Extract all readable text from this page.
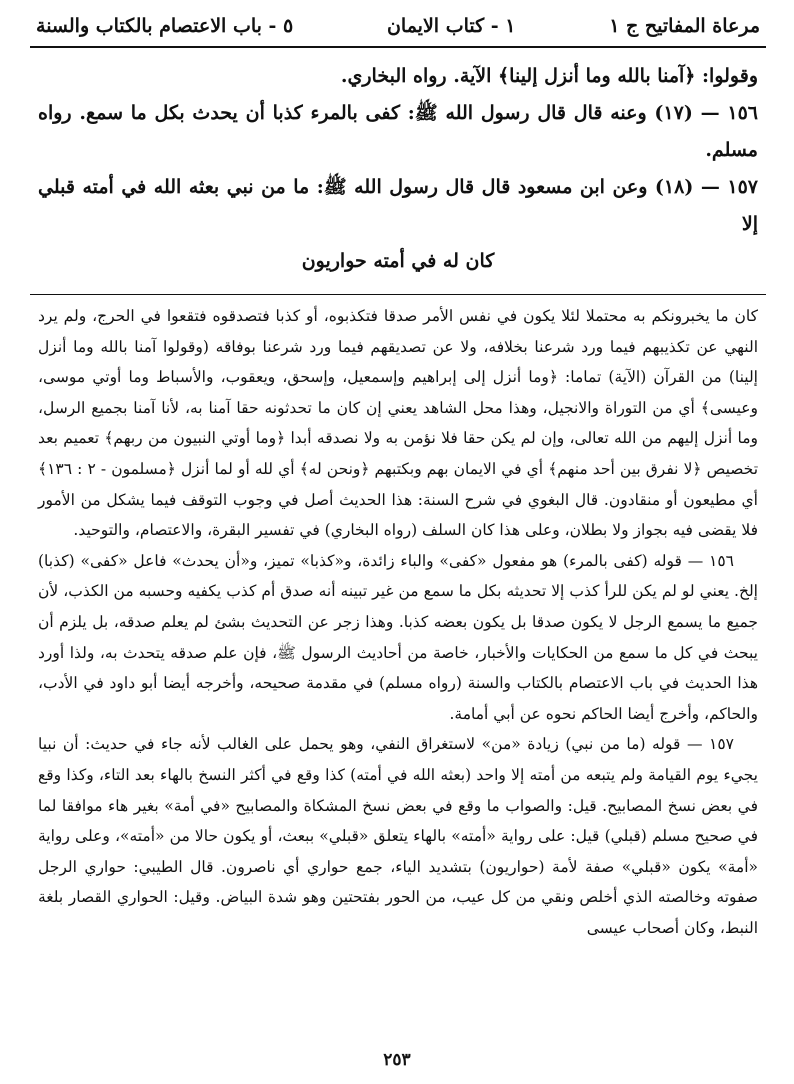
مرعاة المفاتيح ج ١
١ - كتاب الايمان
٥ - باب الاعتصام بالكتاب والسنة

وقولوا: ﴿آمنا بالله وما أنزل إلينا﴾ الآية. رواه البخاري.

١٥٦ — (١٧) وعنه قال قال رسول الله ﷺ: كفى بالمرء كذبا أن يحدث بكل ما سمع. رواه مسلم.

١٥٧ — (١٨) وعن ابن مسعود قال قال رسول الله ﷺ: ما من نبي بعثه الله في أمته قبلي إلا

كان له في أمته حواريون

كان ما يخبرونكم به محتملا لئلا يكون في نفس الأمر صدقا فتكذبوه، أو كذبا فتصدقوه فتقعوا في الحرج، ولم يرد النهي عن تكذيبهم فيما ورد شرعنا بخلافه، ولا عن تصديقهم فيما ورد شرعنا بوفاقه (وقولوا آمنا بالله وما أنزل إلينا) من القرآن (الآية) تماما: ﴿وما أنزل إلى إبراهيم وإسمعيل، وإسحق، ويعقوب، والأسباط وما أوتي موسى، وعيسى﴾ أي من التوراة والانجيل، وهذا محل الشاهد يعني إن كان ما تحدثونه حقا آمنا به، لأنا آمنا بجميع الرسل، وما أنزل إليهم من الله تعالى، وإن لم يكن حقا فلا نؤمن به ولا نصدقه أبدا ﴿وما أوتي النبيون من ربهم﴾ تعميم بعد تخصيص ﴿لا نفرق بين أحد منهم﴾ أي في الايمان بهم وبكتبهم ﴿ونحن له﴾ أي لله أو لما أنزل ﴿مسلمون - ٢ : ١٣٦﴾ أي مطيعون أو منقادون. قال البغوي في شرح السنة: هذا الحديث أصل في وجوب التوقف فيما يشكل من الأمور فلا يقضى فيه بجواز ولا بطلان، وعلى هذا كان السلف (رواه البخاري) في تفسير البقرة، والاعتصام، والتوحيد.

١٥٦ — قوله (كفى بالمرء) هو مفعول «كفى» والباء زائدة، و«كذبا» تميز، و«أن يحدث» فاعل «كفى» (كذبا) إلخ. يعني لو لم يكن للرأ كذب إلا تحديثه بكل ما سمع من غير تبينه أنه صدق أم كذب يكفيه وحسبه من الكذب، لأن جميع ما يسمع الرجل لا يكون صدقا بل يكون بعضه كذبا. وهذا زجر عن التحديث بشئ لم يعلم صدقه، بل يلزم أن يبحث في كل ما سمع من الحكايات والأخبار، خاصة من أحاديث الرسول ﷺ، فإن علم صدقه يتحدث به، ولذا أورد هذا الحديث في باب الاعتصام بالكتاب والسنة (رواه مسلم) في مقدمة صحيحه، وأخرجه أيضا أبو داود في الأدب، والحاكم، وأخرج أيضا الحاكم نحوه عن أبي أمامة.

١٥٧ — قوله (ما من نبي) زيادة «من» لاستغراق النفي، وهو يحمل على الغالب لأنه جاء في حديث: أن نبيا يجيء يوم القيامة ولم يتبعه من أمته إلا واحد (بعثه الله في أمته) كذا وقع في أكثر النسخ بالهاء بعد التاء، وكذا وقع في بعض نسخ المصابيح. قيل: والصواب ما وقع في بعض نسخ المشكاة والمصابيح «في أمة» بغير هاء موافقا لما في صحيح مسلم (قبلي) قيل: على رواية «أمته» بالهاء يتعلق «قبلي» ببعث، أو يكون حالا من «أمته»، وعلى رواية «أمة» يكون «قبلي» صفة لأمة (حواريون) بتشديد الياء، جمع حواري أي ناصرون. قال الطيبي: حواري الرجل صفوته وخالصته الذي أخلص ونقي من كل عيب، من الحور بفتحتين وهو شدة البياض. وقيل: الحواري القصار بلغة النبط، وكان أصحاب عيسى

٢٥٣
